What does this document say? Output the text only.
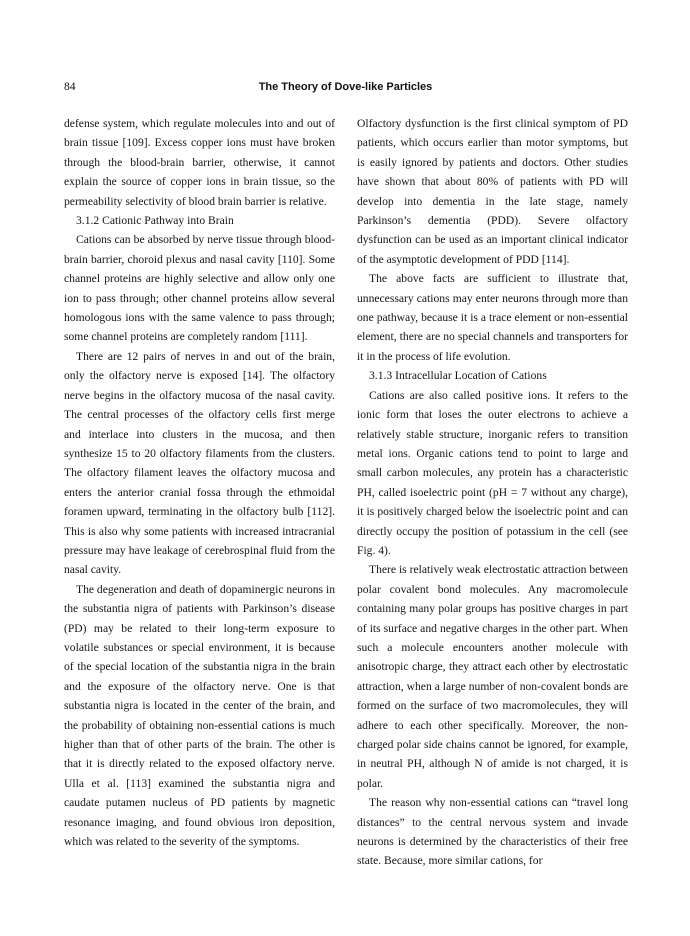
84	The Theory of Dove-like Particles

defense system, which regulate molecules into and out of brain tissue [109]. Excess copper ions must have broken through the blood-brain barrier, otherwise, it cannot explain the source of copper ions in brain tissue, so the permeability selectivity of blood brain barrier is relative.

3.1.2 Cationic Pathway into Brain

Cations can be absorbed by nerve tissue through blood-brain barrier, choroid plexus and nasal cavity [110]. Some channel proteins are highly selective and allow only one ion to pass through; other channel proteins allow several homologous ions with the same valence to pass through; some channel proteins are completely random [111].

There are 12 pairs of nerves in and out of the brain, only the olfactory nerve is exposed [14]. The olfactory nerve begins in the olfactory mucosa of the nasal cavity. The central processes of the olfactory cells first merge and interlace into clusters in the mucosa, and then synthesize 15 to 20 olfactory filaments from the clusters. The olfactory filament leaves the olfactory mucosa and enters the anterior cranial fossa through the ethmoidal foramen upward, terminating in the olfactory bulb [112]. This is also why some patients with increased intracranial pressure may have leakage of cerebrospinal fluid from the nasal cavity.

The degeneration and death of dopaminergic neurons in the substantia nigra of patients with Parkinson’s disease (PD) may be related to their long-term exposure to volatile substances or special environment, it is because of the special location of the substantia nigra in the brain and the exposure of the olfactory nerve. One is that substantia nigra is located in the center of the brain, and the probability of obtaining non-essential cations is much higher than that of other parts of the brain. The other is that it is directly related to the exposed olfactory nerve. Ulla et al. [113] examined the substantia nigra and caudate putamen nucleus of PD patients by magnetic resonance imaging, and found obvious iron deposition, which was related to the severity of the symptoms.

Olfactory dysfunction is the first clinical symptom of PD patients, which occurs earlier than motor symptoms, but is easily ignored by patients and doctors. Other studies have shown that about 80% of patients with PD will develop into dementia in the late stage, namely Parkinson’s dementia (PDD). Severe olfactory dysfunction can be used as an important clinical indicator of the asymptotic development of PDD [114].

The above facts are sufficient to illustrate that, unnecessary cations may enter neurons through more than one pathway, because it is a trace element or non-essential element, there are no special channels and transporters for it in the process of life evolution.

3.1.3 Intracellular Location of Cations

Cations are also called positive ions. It refers to the ionic form that loses the outer electrons to achieve a relatively stable structure, inorganic refers to transition metal ions. Organic cations tend to point to large and small carbon molecules, any protein has a characteristic PH, called isoelectric point (pH = 7 without any charge), it is positively charged below the isoelectric point and can directly occupy the position of potassium in the cell (see Fig. 4).

There is relatively weak electrostatic attraction between polar covalent bond molecules. Any macromolecule containing many polar groups has positive charges in part of its surface and negative charges in the other part. When such a molecule encounters another molecule with anisotropic charge, they attract each other by electrostatic attraction, when a large number of non-covalent bonds are formed on the surface of two macromolecules, they will adhere to each other specifically. Moreover, the non-charged polar side chains cannot be ignored, for example, in neutral PH, although N of amide is not charged, it is polar.

The reason why non-essential cations can “travel long distances” to the central nervous system and invade neurons is determined by the characteristics of their free state. Because, more similar cations, for
